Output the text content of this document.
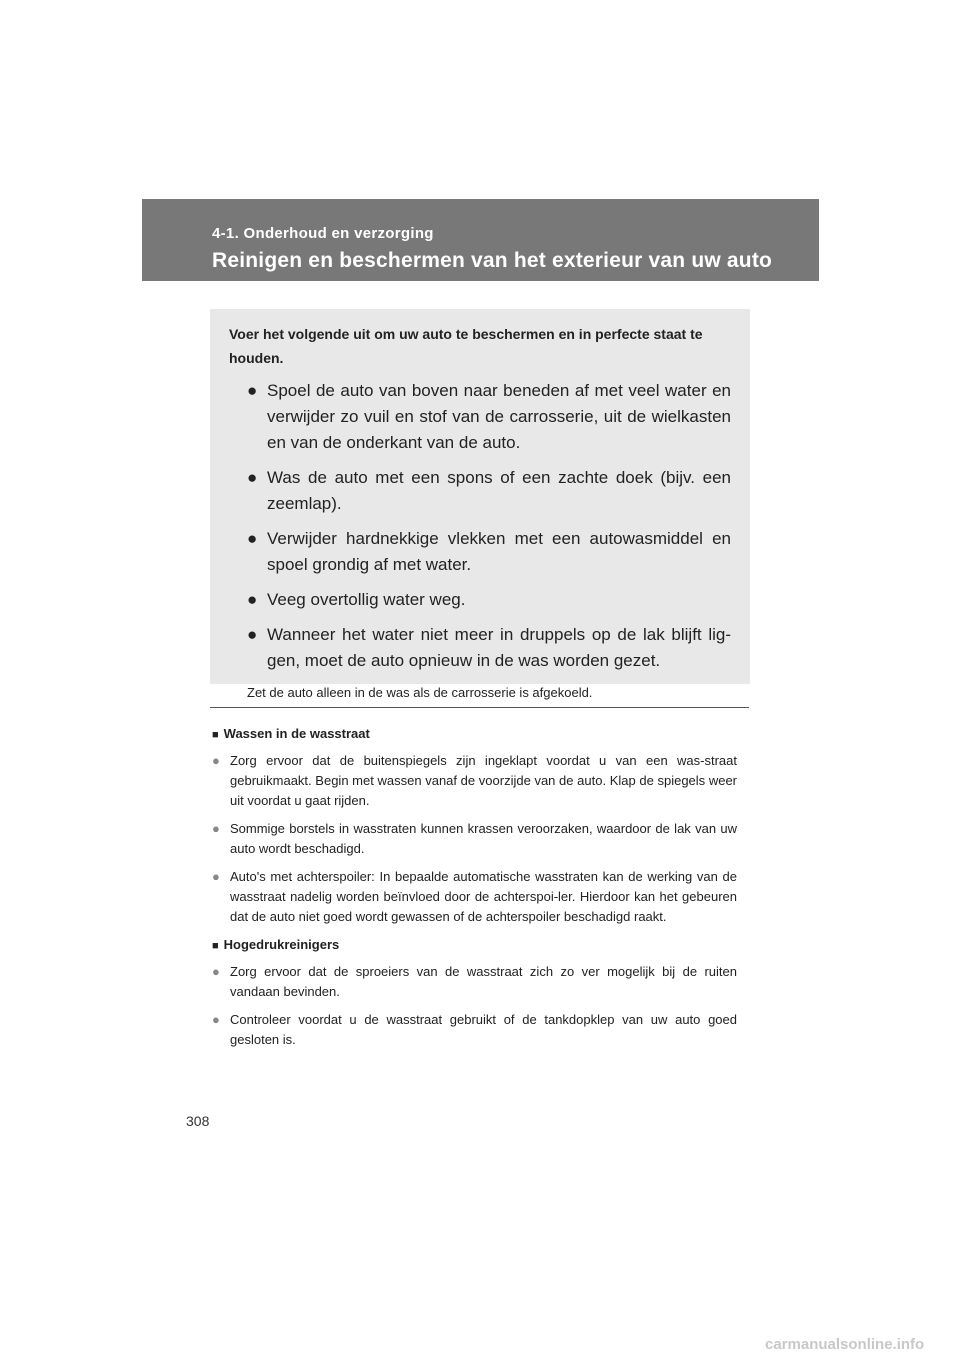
4-1. Onderhoud en verzorging
Reinigen en beschermen van het exterieur van uw auto

Voer het volgende uit om uw auto te beschermen en in perfecte staat te houden.

● Spoel de auto van boven naar beneden af met veel water en verwijder zo vuil en stof van de carrosserie, uit de wielkasten en van de onderkant van de auto.
● Was de auto met een spons of een zachte doek (bijv. een zeemlap).
● Verwijder hardnekkige vlekken met een autowasmiddel en spoel grondig af met water.
● Veeg overtollig water weg.
● Wanneer het water niet meer in druppels op de lak blijft lig-gen, moet de auto opnieuw in de was worden gezet.
Zet de auto alleen in de was als de carrosserie is afgekoeld.

■ Wassen in de wasstraat

● Zorg ervoor dat de buitenspiegels zijn ingeklapt voordat u van een was-straat gebruikmaakt. Begin met wassen vanaf de voorzijde van de auto. Klap de spiegels weer uit voordat u gaat rijden.
● Sommige borstels in wasstraten kunnen krassen veroorzaken, waardoor de lak van uw auto wordt beschadigd.
● Auto's met achterspoiler: In bepaalde automatische wasstraten kan de werking van de wasstraat nadelig worden beïnvloed door de achterspoi-ler. Hierdoor kan het gebeuren dat de auto niet goed wordt gewassen of de achterspoiler beschadigd raakt.

■ Hogedrukreinigers

● Zorg ervoor dat de sproeiers van de wasstraat zich zo ver mogelijk bij de ruiten vandaan bevinden.
● Controleer voordat u de wasstraat gebruikt of de tankdopklep van uw auto goed gesloten is.
308
carmanualsonline.info
